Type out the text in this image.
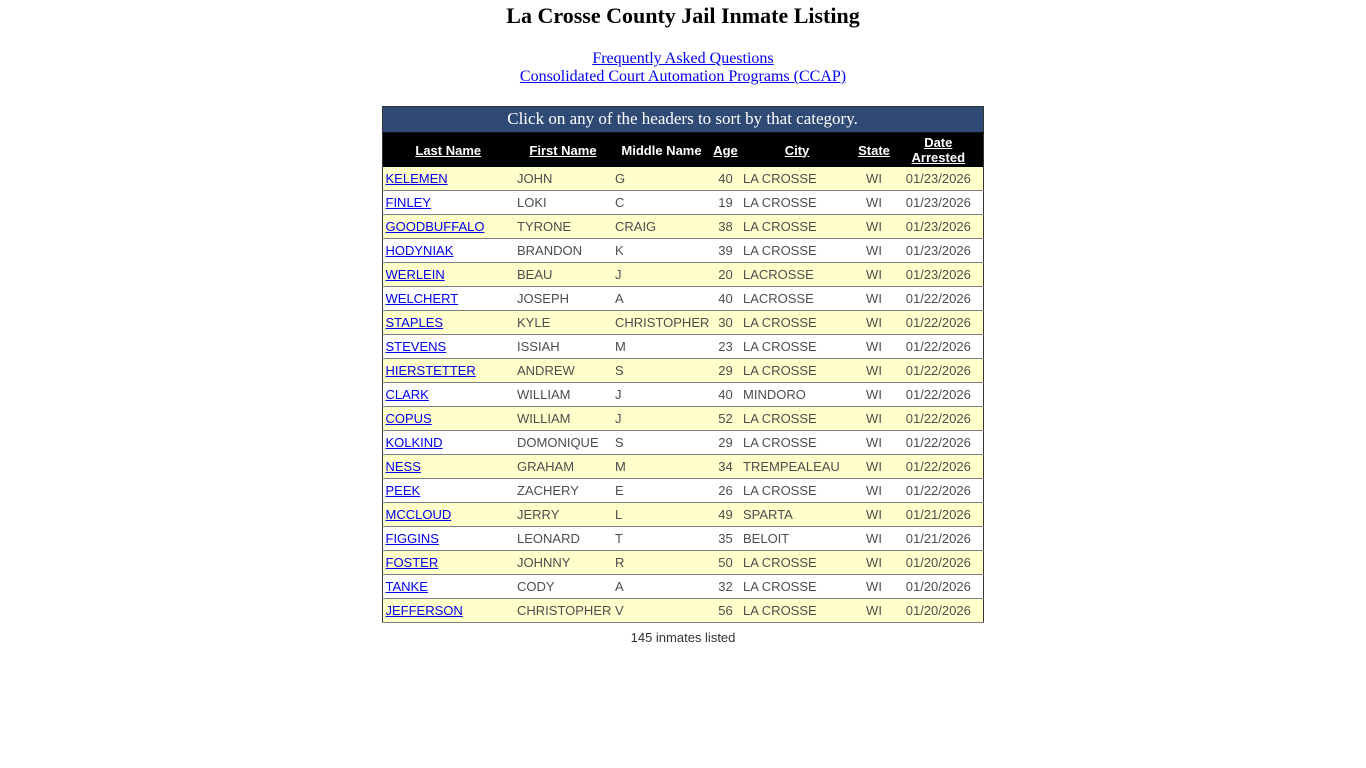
La Crosse County Jail Inmate Listing
Frequently Asked Questions
Consolidated Court Automation Programs (CCAP)
Click on any of the headers to sort by that category.						
Last Name	First Name	Middle Name	Age	City	State	Date Arrested
KELEMEN	JOHN	G	40	LA CROSSE	WI	01/23/2026
FINLEY	LOKI	C	19	LA CROSSE	WI	01/23/2026
GOODBUFFALO	TYRONE	CRAIG	38	LA CROSSE	WI	01/23/2026
HODYNIAK	BRANDON	K	39	LA CROSSE	WI	01/23/2026
WERLEIN	BEAU	J	20	LACROSSE	WI	01/23/2026
WELCHERT	JOSEPH	A	40	LACROSSE	WI	01/22/2026
STAPLES	KYLE	CHRISTOPHER	30	LA CROSSE	WI	01/22/2026
STEVENS	ISSIAH	M	23	LA CROSSE	WI	01/22/2026
HIERSTETTER	ANDREW	S	29	LA CROSSE	WI	01/22/2026
CLARK	WILLIAM	J	40	MINDORO	WI	01/22/2026
COPUS	WILLIAM	J	52	LA CROSSE	WI	01/22/2026
KOLKIND	DOMONIQUE	S	29	LA CROSSE	WI	01/22/2026
NESS	GRAHAM	M	34	TREMPEALEAU	WI	01/22/2026
PEEK	ZACHERY	E	26	LA CROSSE	WI	01/22/2026
MCCLOUD	JERRY	L	49	SPARTA	WI	01/21/2026
FIGGINS	LEONARD	T	35	BELOIT	WI	01/21/2026
FOSTER	JOHNNY	R	50	LA CROSSE	WI	01/20/2026
TANKE	CODY	A	32	LA CROSSE	WI	01/20/2026
JEFFERSON	CHRISTOPHER	V	56	LA CROSSE	WI	01/20/2026
145 inmates listed
